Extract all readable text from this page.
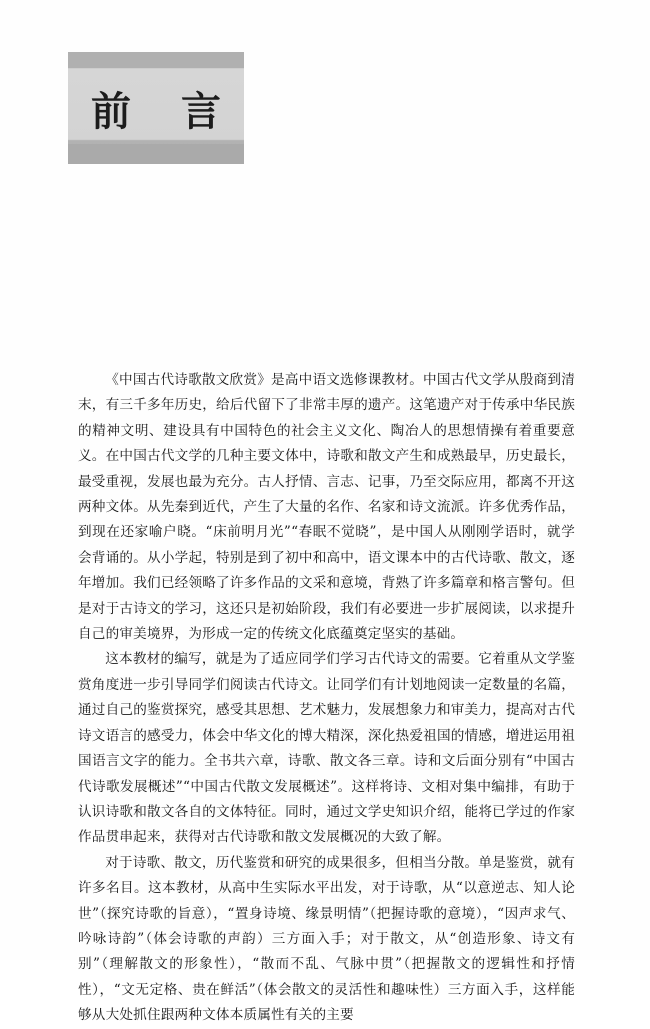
前 言

《中国古代诗歌散文欣赏》是高中语文选修课教材。中国古代文学从殷商到清末，有三千多年历史，给后代留下了非常丰厚的遗产。这笔遗产对于传承中华民族的精神文明、建设具有中国特色的社会主义文化、陶冶人的思想情操有着重要意义。在中国古代文学的几种主要文体中，诗歌和散文产生和成熟最早，历史最长，最受重视，发展也最为充分。古人抒情、言志、记事，乃至交际应用，都离不开这两种文体。从先秦到近代，产生了大量的名作、名家和诗文流派。许多优秀作品，到现在还家喻户晓。“床前明月光”“春眠不觉晓”，是中国人从刚刚学语时，就学会背诵的。从小学起，特别是到了初中和高中，语文课本中的古代诗歌、散文，逐年增加。我们已经领略了许多作品的文采和意境，背熟了许多篇章和格言警句。但是对于古诗文的学习，这还只是初始阶段，我们有必要进一步扩展阅读，以求提升自己的审美境界，为形成一定的传统文化底蕴奠定坚实的基础。

这本教材的编写，就是为了适应同学们学习古代诗文的需要。它着重从文学鉴赏角度进一步引导同学们阅读古代诗文。让同学们有计划地阅读一定数量的名篇，通过自己的鉴赏探究，感受其思想、艺术魅力，发展想象力和审美力，提高对古代诗文语言的感受力，体会中华文化的博大精深，深化热爱祖国的情感，增进运用祖国语言文字的能力。全书共六章，诗歌、散文各三章。诗和文后面分别有“中国古代诗歌发展概述”“中国古代散文发展概述”。这样将诗、文相对集中编排，有助于认识诗歌和散文各自的文体特征。同时，通过文学史知识介绍，能将已学过的作家作品贯串起来，获得对古代诗歌和散文发展概况的大致了解。

对于诗歌、散文，历代鉴赏和研究的成果很多，但相当分散。单是鉴赏，就有许多名目。这本教材，从高中生实际水平出发，对于诗歌，从“以意逆志、知人论世”（探究诗歌的旨意），“置身诗境、缘景明情”（把握诗歌的意境），“因声求气、吟咏诗韵”（体会诗歌的声韵）三方面入手；对于散文，从“创造形象、诗文有别”（理解散文的形象性），“散而不乱、气脉中贯”（把握散文的逻辑性和抒情性），“文无定格、贵在鲜活”（体会散文的灵活性和趣味性）三方面入手，这样能够从大处抓住跟两种文体本质属性有关的主要
